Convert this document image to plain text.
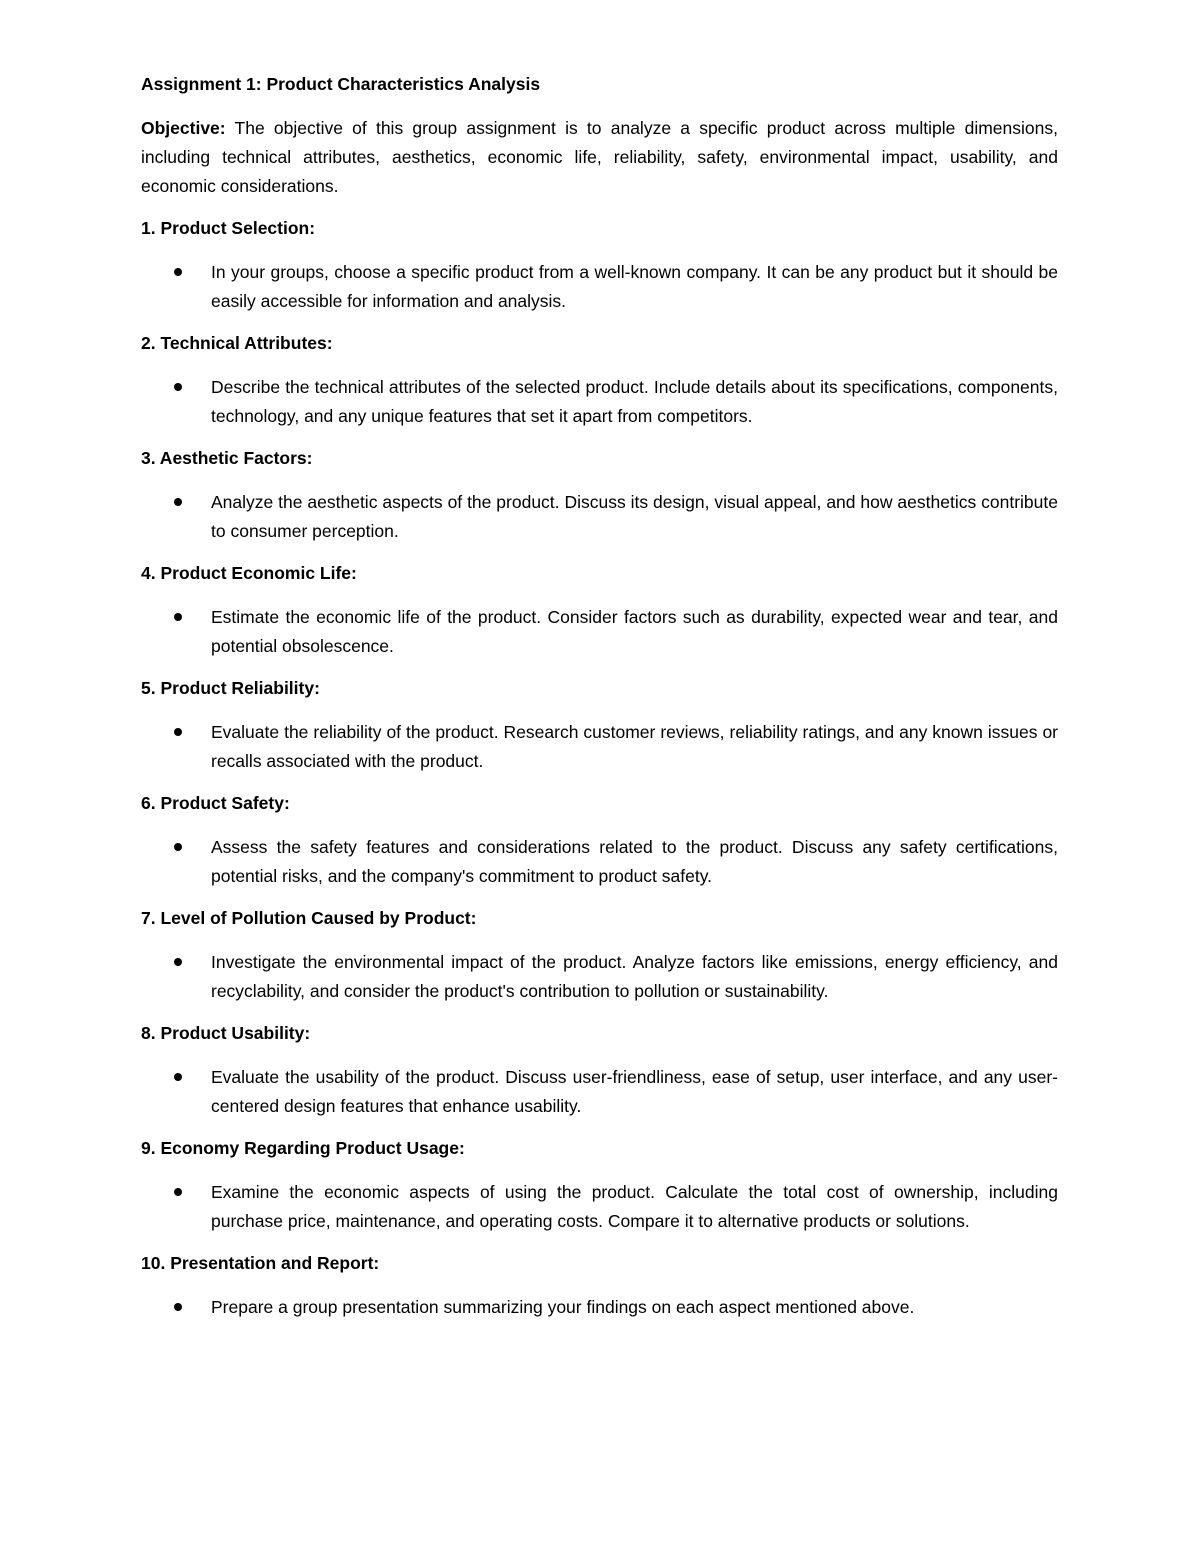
Assignment 1: Product Characteristics Analysis

Objective: The objective of this group assignment is to analyze a specific product across multiple dimensions, including technical attributes, aesthetics, economic life, reliability, safety, environmental impact, usability, and economic considerations.

1. Product Selection:
In your groups, choose a specific product from a well-known company. It can be any product but it should be easily accessible for information and analysis.
2. Technical Attributes:
Describe the technical attributes of the selected product. Include details about its specifications, components, technology, and any unique features that set it apart from competitors.
3. Aesthetic Factors:
Analyze the aesthetic aspects of the product. Discuss its design, visual appeal, and how aesthetics contribute to consumer perception.
4. Product Economic Life:
Estimate the economic life of the product. Consider factors such as durability, expected wear and tear, and potential obsolescence.
5. Product Reliability:
Evaluate the reliability of the product. Research customer reviews, reliability ratings, and any known issues or recalls associated with the product.
6. Product Safety:
Assess the safety features and considerations related to the product. Discuss any safety certifications, potential risks, and the company's commitment to product safety.
7. Level of Pollution Caused by Product:
Investigate the environmental impact of the product. Analyze factors like emissions, energy efficiency, and recyclability, and consider the product's contribution to pollution or sustainability.
8. Product Usability:
Evaluate the usability of the product. Discuss user-friendliness, ease of setup, user interface, and any user-centered design features that enhance usability.
9. Economy Regarding Product Usage:
Examine the economic aspects of using the product. Calculate the total cost of ownership, including purchase price, maintenance, and operating costs. Compare it to alternative products or solutions.
10. Presentation and Report:
Prepare a group presentation summarizing your findings on each aspect mentioned above.
